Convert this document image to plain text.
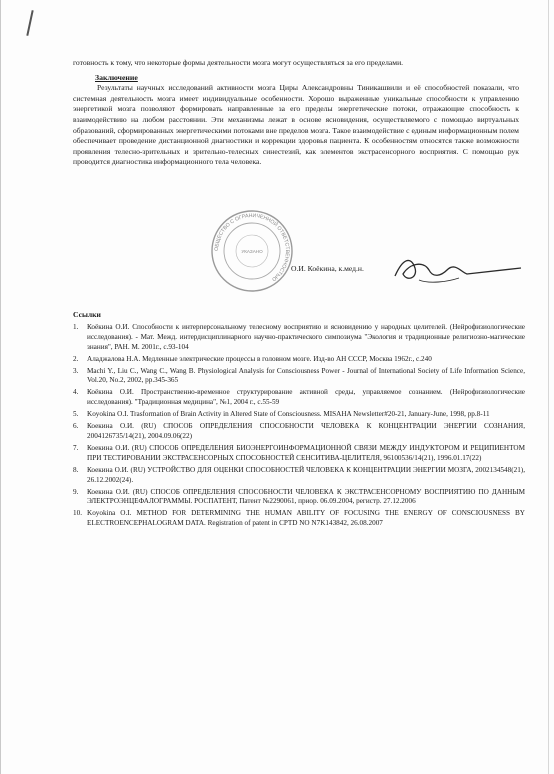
готовность к тому, что некоторые формы деятельности мозга могут осуществляться за его пределами.

Заключение

Результаты научных исследований активности мозга Циры Александровны Тиникашвили и её способностей показали, что системная деятельность мозга имеет индивидуальные особенности. Хорошо выраженные уникальные способности к управлению энергетикой мозга позволяют формировать направленные за его пределы энергетические потоки, отражающие способность к взаимодействию на любом расстоянии. Эти механизмы лежат в основе ясновидения, осуществляемого с помощью виртуальных образований, сформированных энергетическими потоками вне пределов мозга. Такое взаимодействие с единым информационным полем обеспечивает проведение дистанционной диагностики и коррекции здоровья пациента. К особенностям относятся также возможности проявления телесно-зрительных и зрительно-телесных синестезий, как элементов экстрасенсорного восприятия. С помощью рук проводится диагностика информационного тела человека.

ОБЩЕСТВО С ОГРАНИЧЕННОЙ ОТВЕТСТВЕННОСТЬЮ
УКАЗАНО
О.И. Коёкина, к.мед.н.

Ссылки

1. Коёкина О.И. Способности к интерперсональному телесному восприятию и ясновидению у народных целителей. (Нейрофизиологические исследования). - Мат. Межд. интердисциплинарного научно-практического симпозиума "Экология и традиционные религиозно-магические знания", РАН. М. 2001г., с.93-104
2. Аладжалова Н.А. Медленные электрические процессы в головном мозге. Изд-во АН СССР, Москва 1962г., с.240
3. Machi Y., Liu C., Wang C., Wang B. Physiological Analysis for Consciousness Power - Journal of International Society of Life Information Science, Vol.20, No.2, 2002, pp.345-365
4. Коёкина О.И. Пространственно-временное структурирование активной среды, управляемое сознанием. (Нейрофизиологические исследования). "Традиционная медицина", №1, 2004 г., с.55-59
5. Koyokina O.I. Trasformation of Brain Activity in Altered State of Consciousness. MISAHA Newsletter#20-21, January-June, 1998, pp.8-11
6. Коекина О.И. (RU) СПОСОБ ОПРЕДЕЛЕНИЯ СПОСОБНОСТИ ЧЕЛОВЕКА К КОНЦЕНТРАЦИИ ЭНЕРГИИ СОЗНАНИЯ, 2004126735/14(21), 2004.09.06(22)
7. Коекина О.И. (RU) СПОСОБ ОПРЕДЕЛЕНИЯ БИОЭНЕРГОИНФОРМАЦИОННОЙ СВЯЗИ МЕЖДУ ИНДУКТОРОМ И РЕЦИПИЕНТОМ ПРИ ТЕСТИРОВАНИИ ЭКСТРАСЕНСОРНЫХ СПОСОБНОСТЕЙ СЕНСИТИВА-ЦЕЛИТЕЛЯ, 96100536/14(21), 1996.01.17(22)
8. Коекина О.И. (RU) УСТРОЙСТВО ДЛЯ ОЦЕНКИ СПОСОБНОСТЕЙ ЧЕЛОВЕКА К КОНЦЕНТРАЦИИ ЭНЕРГИИ МОЗГА, 2002134548(21), 26.12.2002(24).
9. Коекина О.И. (RU) СПОСОБ ОПРЕДЕЛЕНИЯ СПОСОБНОСТИ ЧЕЛОВЕКА К ЭКСТРАСЕНСОРНОМУ ВОСПРИЯТИЮ ПО ДАННЫМ ЭЛЕКТРОЭНЦЕФАЛОГРАММЫ. РОСПАТЕНТ, Патент №2290061, приор. 06.09.2004, регистр. 27.12.2006
10. Koyokina O.I. METHOD FOR DETERMINING THE HUMAN ABILITY OF FOCUSING THE ENERGY OF CONSCIOUSNESS BY ELECTROENCEPHALOGRAM DATA. Registration of patent in CPTD NO N7K143842, 26.08.2007
